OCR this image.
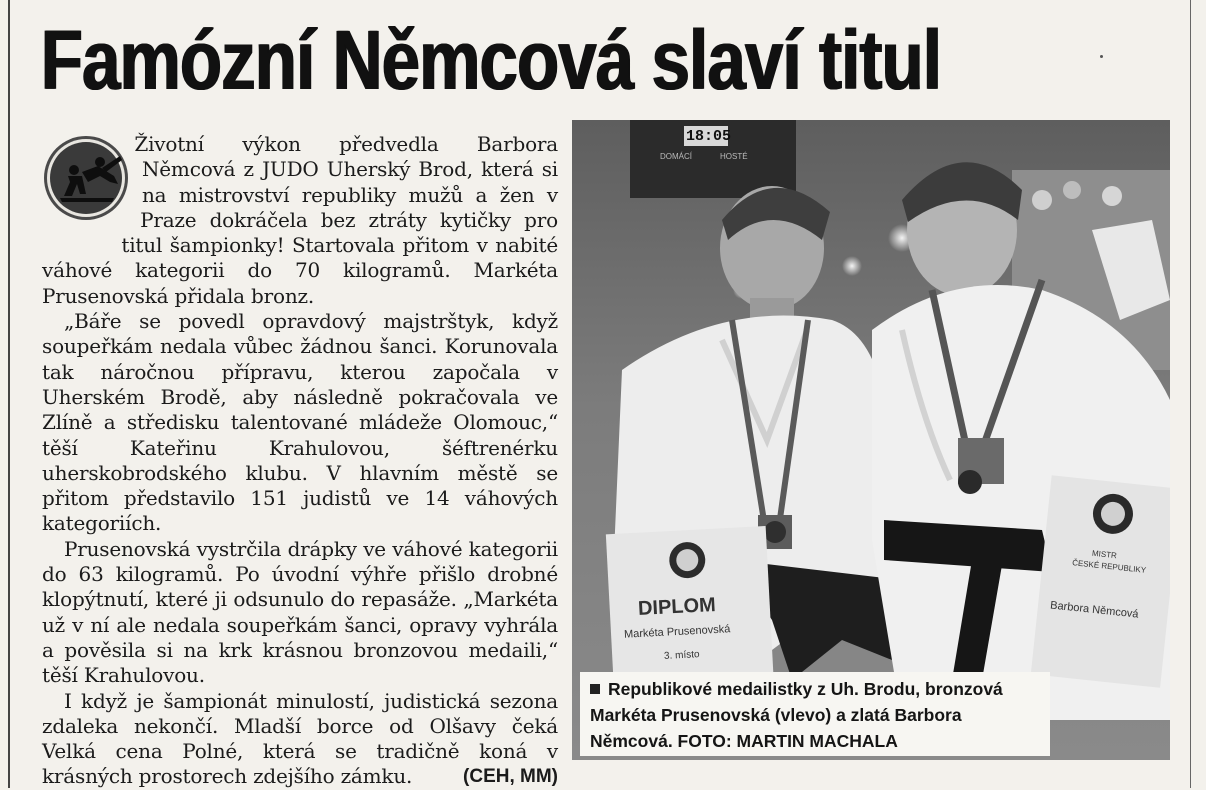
Famózní Němcová slaví titul

Životní výkon předvedla Barbora Němcová z JUDO Uherský Brod, která si na mistrovství republiky mužů a žen v Praze dokráčela bez ztráty kytičky pro titul šampionky! Startovala přitom v nabité váhové kategorii do 70 kilogramů. Markéta Prusenovská přidala bronz.

„Báře se povedl opravdový majstrštyk, když soupeřkám nedala vůbec žádnou šanci. Korunovala tak náročnou přípravu, kterou započala v Uherském Brodě, aby následně pokračovala ve Zlíně a středisku talentované mládeže Olomouc,“ těší Kateřinu Krahulovou, šéftrenérku uherskobrodského klubu. V hlavním městě se přitom představilo 151 judistů ve 14 váhových kategoriích.

Prusenovská vystrčila drápky ve váhové kategorii do 63 kilogramů. Po úvodní výhře přišlo drobné klopýtnutí, které ji odsunulo do repasáže. „Markéta už v ní ale nedala soupeřkám šanci, opravy vyhrála a pověsila si na krk krásnou bronzovou medaili,“ těší Krahulovou.

I když je šampionát minulostí, judistická sezona zdaleka nekončí. Mladší borce od Olšavy čeká Velká cena Polné, která se tradičně koná v krásných prostorech zdejšího zámku.	(CEH, MM)

18:05
DOMÁCÍ	HOSTÉ
DIPLOM
Markéta Prusenovská
3. místo
MISTR
ČESKÉ REPUBLIKY
Barbora Němcová
Republikové medailistky z Uh. Brodu, bronzová Markéta Prusenovská (vlevo) a zlatá Barbora Němcová. FOTO: MARTIN MACHALA
